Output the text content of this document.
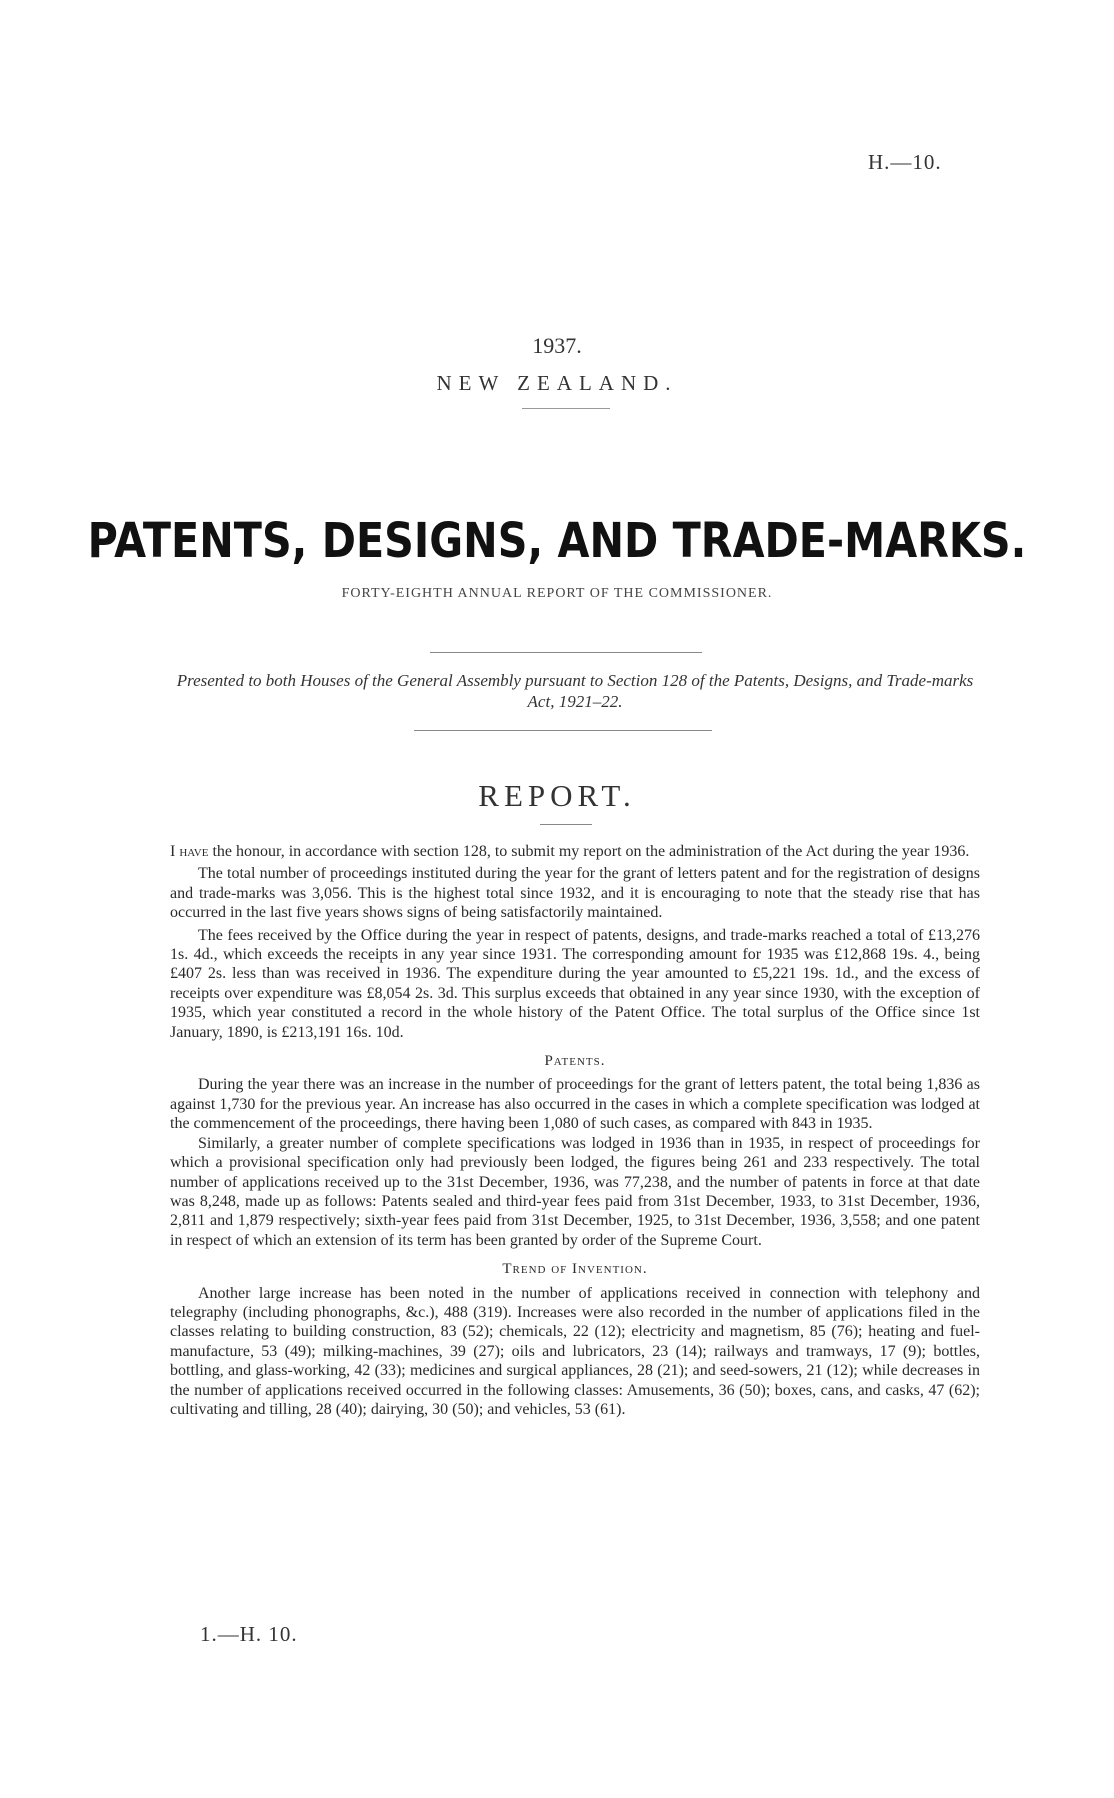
H.—10.
1937.
NEW ZEALAND.
PATENTS, DESIGNS, AND TRADE-MARKS.
FORTY-EIGHTH ANNUAL REPORT OF THE COMMISSIONER.
Presented to both Houses of the General Assembly pursuant to Section 128 of the Patents, Designs, and Trade-marks Act, 1921–22.
REPORT.

I have the honour, in accordance with section 128, to submit my report on the administration of the Act during the year 1936.

The total number of proceedings instituted during the year for the grant of letters patent and for the registration of designs and trade-marks was 3,056. This is the highest total since 1932, and it is encouraging to note that the steady rise that has occurred in the last five years shows signs of being satisfactorily maintained.

The fees received by the Office during the year in respect of patents, designs, and trade-marks reached a total of £13,276 1s. 4d., which exceeds the receipts in any year since 1931. The corresponding amount for 1935 was £12,868 19s. 4., being £407 2s. less than was received in 1936. The expenditure during the year amounted to £5,221 19s. 1d., and the excess of receipts over expenditure was £8,054 2s. 3d. This surplus exceeds that obtained in any year since 1930, with the exception of 1935, which year constituted a record in the whole history of the Patent Office. The total surplus of the Office since 1st January, 1890, is £213,191 16s. 10d.

Patents.

During the year there was an increase in the number of proceedings for the grant of letters patent, the total being 1,836 as against 1,730 for the previous year. An increase has also occurred in the cases in which a complete specification was lodged at the commencement of the proceedings, there having been 1,080 of such cases, as compared with 843 in 1935.

Similarly, a greater number of complete specifications was lodged in 1936 than in 1935, in respect of proceedings for which a provisional specification only had previously been lodged, the figures being 261 and 233 respectively. The total number of applications received up to the 31st December, 1936, was 77,238, and the number of patents in force at that date was 8,248, made up as follows: Patents sealed and third-year fees paid from 31st December, 1933, to 31st December, 1936, 2,811 and 1,879 respectively; sixth-year fees paid from 31st December, 1925, to 31st December, 1936, 3,558; and one patent in respect of which an extension of its term has been granted by order of the Supreme Court.

Trend of Invention.

Another large increase has been noted in the number of applications received in connection with telephony and telegraphy (including phonographs, &c.), 488 (319). Increases were also recorded in the number of applications filed in the classes relating to building construction, 83 (52); chemicals, 22 (12); electricity and magnetism, 85 (76); heating and fuel-manufacture, 53 (49); milking-machines, 39 (27); oils and lubricators, 23 (14); railways and tramways, 17 (9); bottles, bottling, and glass-working, 42 (33); medicines and surgical appliances, 28 (21); and seed-sowers, 21 (12); while decreases in the number of applications received occurred in the following classes: Amusements, 36 (50); boxes, cans, and casks, 47 (62); cultivating and tilling, 28 (40); dairying, 30 (50); and vehicles, 53 (61).

1.—H. 10.
